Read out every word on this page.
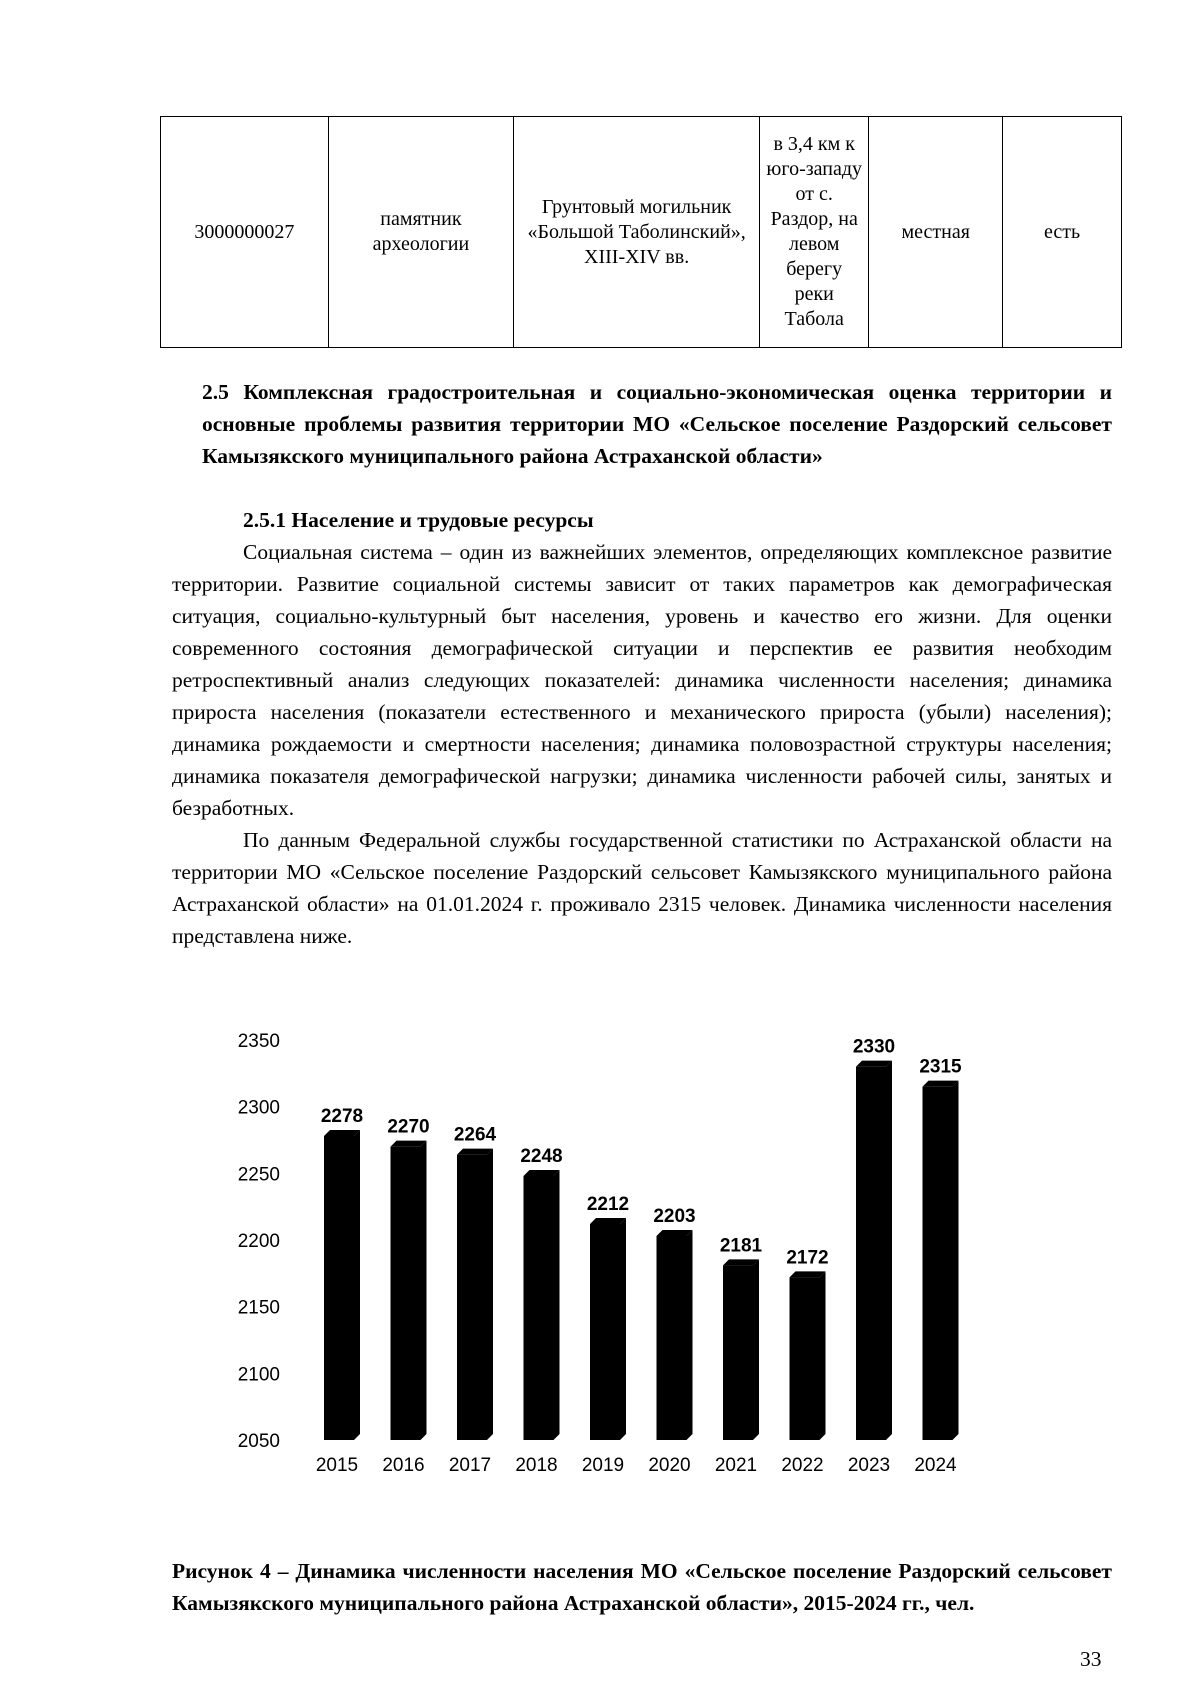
3000000027	памятник археологии	Грунтовый могильник «Большой Таболинский», XIII-XIV вв.	в 3,4 км к юго-западу от с. Раздор, на левом берегу реки Табола	местная	есть
2.5 Комплексная градостроительная и социально-экономическая оценка территории и основные проблемы развития территории МО «Сельское поселение Раздорский сельсовет Камызякского муниципального района Астраханской области»
2.5.1 Население и трудовые ресурсы
Социальная система – один из важнейших элементов, определяющих комплексное развитие территории. Развитие социальной системы зависит от таких параметров как демографическая ситуация, социально-культурный быт населения, уровень и качество его жизни. Для оценки современного состояния демографической ситуации и перспектив ее развития необходим ретроспективный анализ следующих показателей: динамика численности населения; динамика прироста населения (показатели естественного и механического прироста (убыли) населения); динамика рождаемости и смертности населения; динамика половозрастной структуры населения; динамика показателя демографической нагрузки; динамика численности рабочей силы, занятых и безработных.
По данным Федеральной службы государственной статистики по Астраханской области на территории МО «Сельское поселение Раздорский сельсовет Камызякского муниципального района Астраханской области» на 01.01.2024 г. проживало 2315 человек. Динамика численности населения представлена ниже.
2050
2100
2150
2200
2250
2300
2350
2278
2015
2270
2016
2264
2017
2248
2018
2212
2019
2203
2020
2181
2021
2172
2022
2330
2023
2315
2024
Рисунок 4 – Динамика численности населения МО «Сельское поселение Раздорский сельсовет Камызякского муниципального района Астраханской области», 2015-2024 гг., чел.
33
